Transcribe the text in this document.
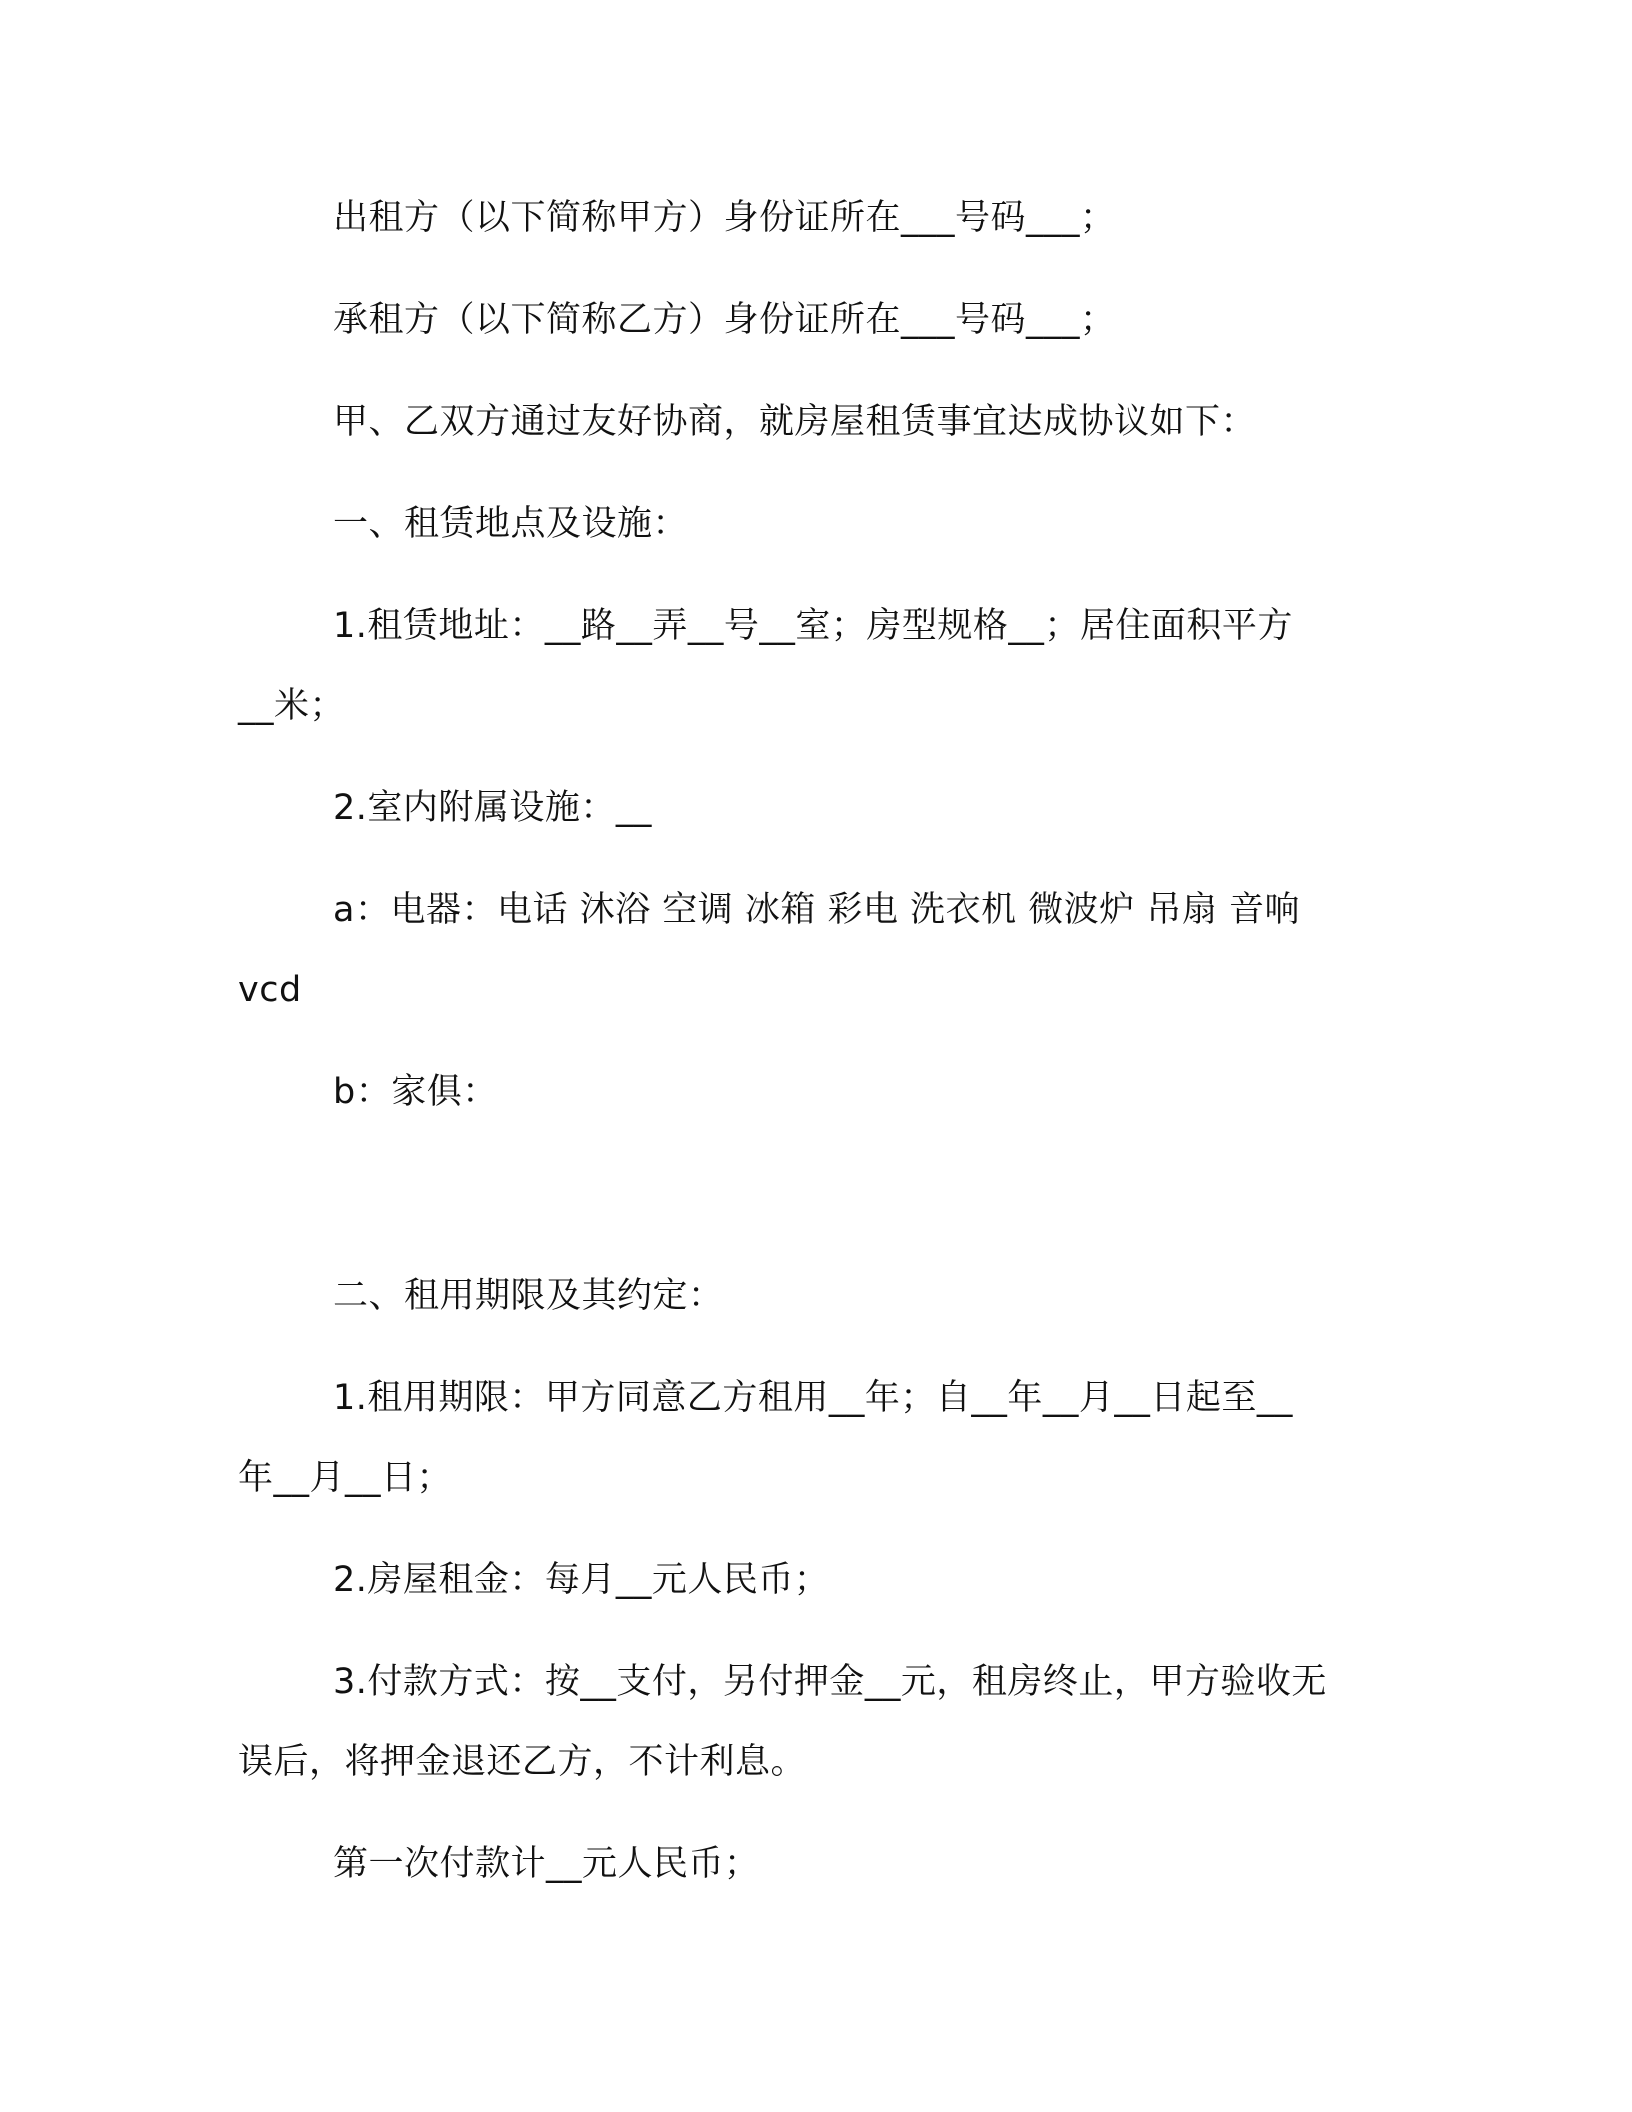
出租方（以下简称甲方）身份证所在___号码___；

承租方（以下简称乙方）身份证所在___号码___；

甲、乙双方通过友好协商，就房屋租赁事宜达成协议如下：

一、租赁地点及设施：

1.租赁地址：__路__弄__号__室；房型规格__；居住面积平方

__米；

2.室内附属设施：__

a：电器：电话 沐浴 空调 冰箱 彩电 洗衣机 微波炉 吊扇 音响

vcd

b：家俱：

二、租用期限及其约定：

1.租用期限：甲方同意乙方租用__年；自__年__月__日起至__

年__月__日；

2.房屋租金：每月__元人民币；

3.付款方式：按__支付，另付押金__元，租房终止，甲方验收无

误后，将押金退还乙方，不计利息。

第一次付款计__元人民币；
